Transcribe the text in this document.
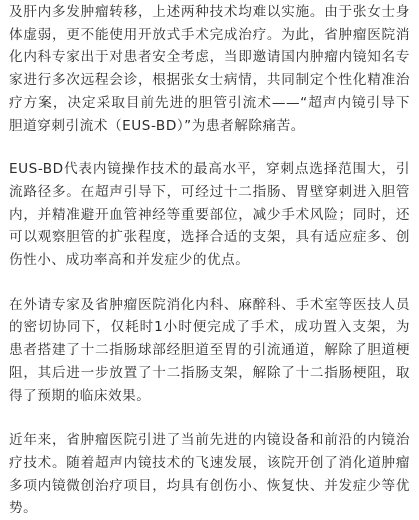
及肝内多发肿瘤转移，上述两种技术均难以实施。由于张女士身体虚弱，更不能使用开放式手术完成治疗。为此，省肿瘤医院消化内科专家出于对患者安全考虑，当即邀请国内肿瘤内镜知名专家进行多次远程会诊，根据张女士病情，共同制定个性化精准治疗方案，决定采取目前先进的胆管引流术——“超声内镜引导下胆道穿刺引流术（EUS-BD）”为患者解除痛苦。

EUS-BD代表内镜操作技术的最高水平，穿刺点选择范围大，引流路径多。在超声引导下，可经过十二指肠、胃壁穿刺进入胆管内，并精准避开血管神经等重要部位，减少手术风险；同时，还可以观察胆管的扩张程度，选择合适的支架，具有适应症多、创伤性小、成功率高和并发症少的优点。

在外请专家及省肿瘤医院消化内科、麻醉科、手术室等医技人员的密切协同下，仅耗时1小时便完成了手术，成功置入支架，为患者搭建了十二指肠球部经胆道至胃的引流通道，解除了胆道梗阻，其后进一步放置了十二指肠支架，解除了十二指肠梗阻，取得了预期的临床效果。

近年来，省肿瘤医院引进了当前先进的内镜设备和前沿的内镜治疗技术。随着超声内镜技术的飞速发展，该院开创了消化道肿瘤多项内镜微创治疗项目，均具有创伤小、恢复快、并发症少等优势。
